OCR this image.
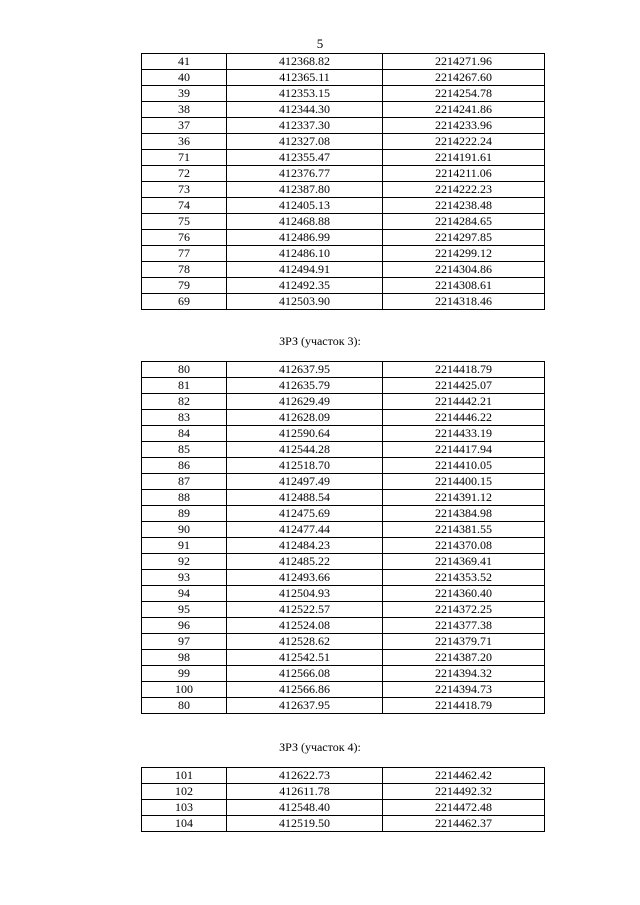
5
41	412368.82	2214271.96
40	412365.11	2214267.60
39	412353.15	2214254.78
38	412344.30	2214241.86
37	412337.30	2214233.96
36	412327.08	2214222.24
71	412355.47	2214191.61
72	412376.77	2214211.06
73	412387.80	2214222.23
74	412405.13	2214238.48
75	412468.88	2214284.65
76	412486.99	2214297.85
77	412486.10	2214299.12
78	412494.91	2214304.86
79	412492.35	2214308.61
69	412503.90	2214318.46
ЗРЗ (участок 3):
80	412637.95	2214418.79
81	412635.79	2214425.07
82	412629.49	2214442.21
83	412628.09	2214446.22
84	412590.64	2214433.19
85	412544.28	2214417.94
86	412518.70	2214410.05
87	412497.49	2214400.15
88	412488.54	2214391.12
89	412475.69	2214384.98
90	412477.44	2214381.55
91	412484.23	2214370.08
92	412485.22	2214369.41
93	412493.66	2214353.52
94	412504.93	2214360.40
95	412522.57	2214372.25
96	412524.08	2214377.38
97	412528.62	2214379.71
98	412542.51	2214387.20
99	412566.08	2214394.32
100	412566.86	2214394.73
80	412637.95	2214418.79
ЗРЗ (участок 4):
101	412622.73	2214462.42
102	412611.78	2214492.32
103	412548.40	2214472.48
104	412519.50	2214462.37
